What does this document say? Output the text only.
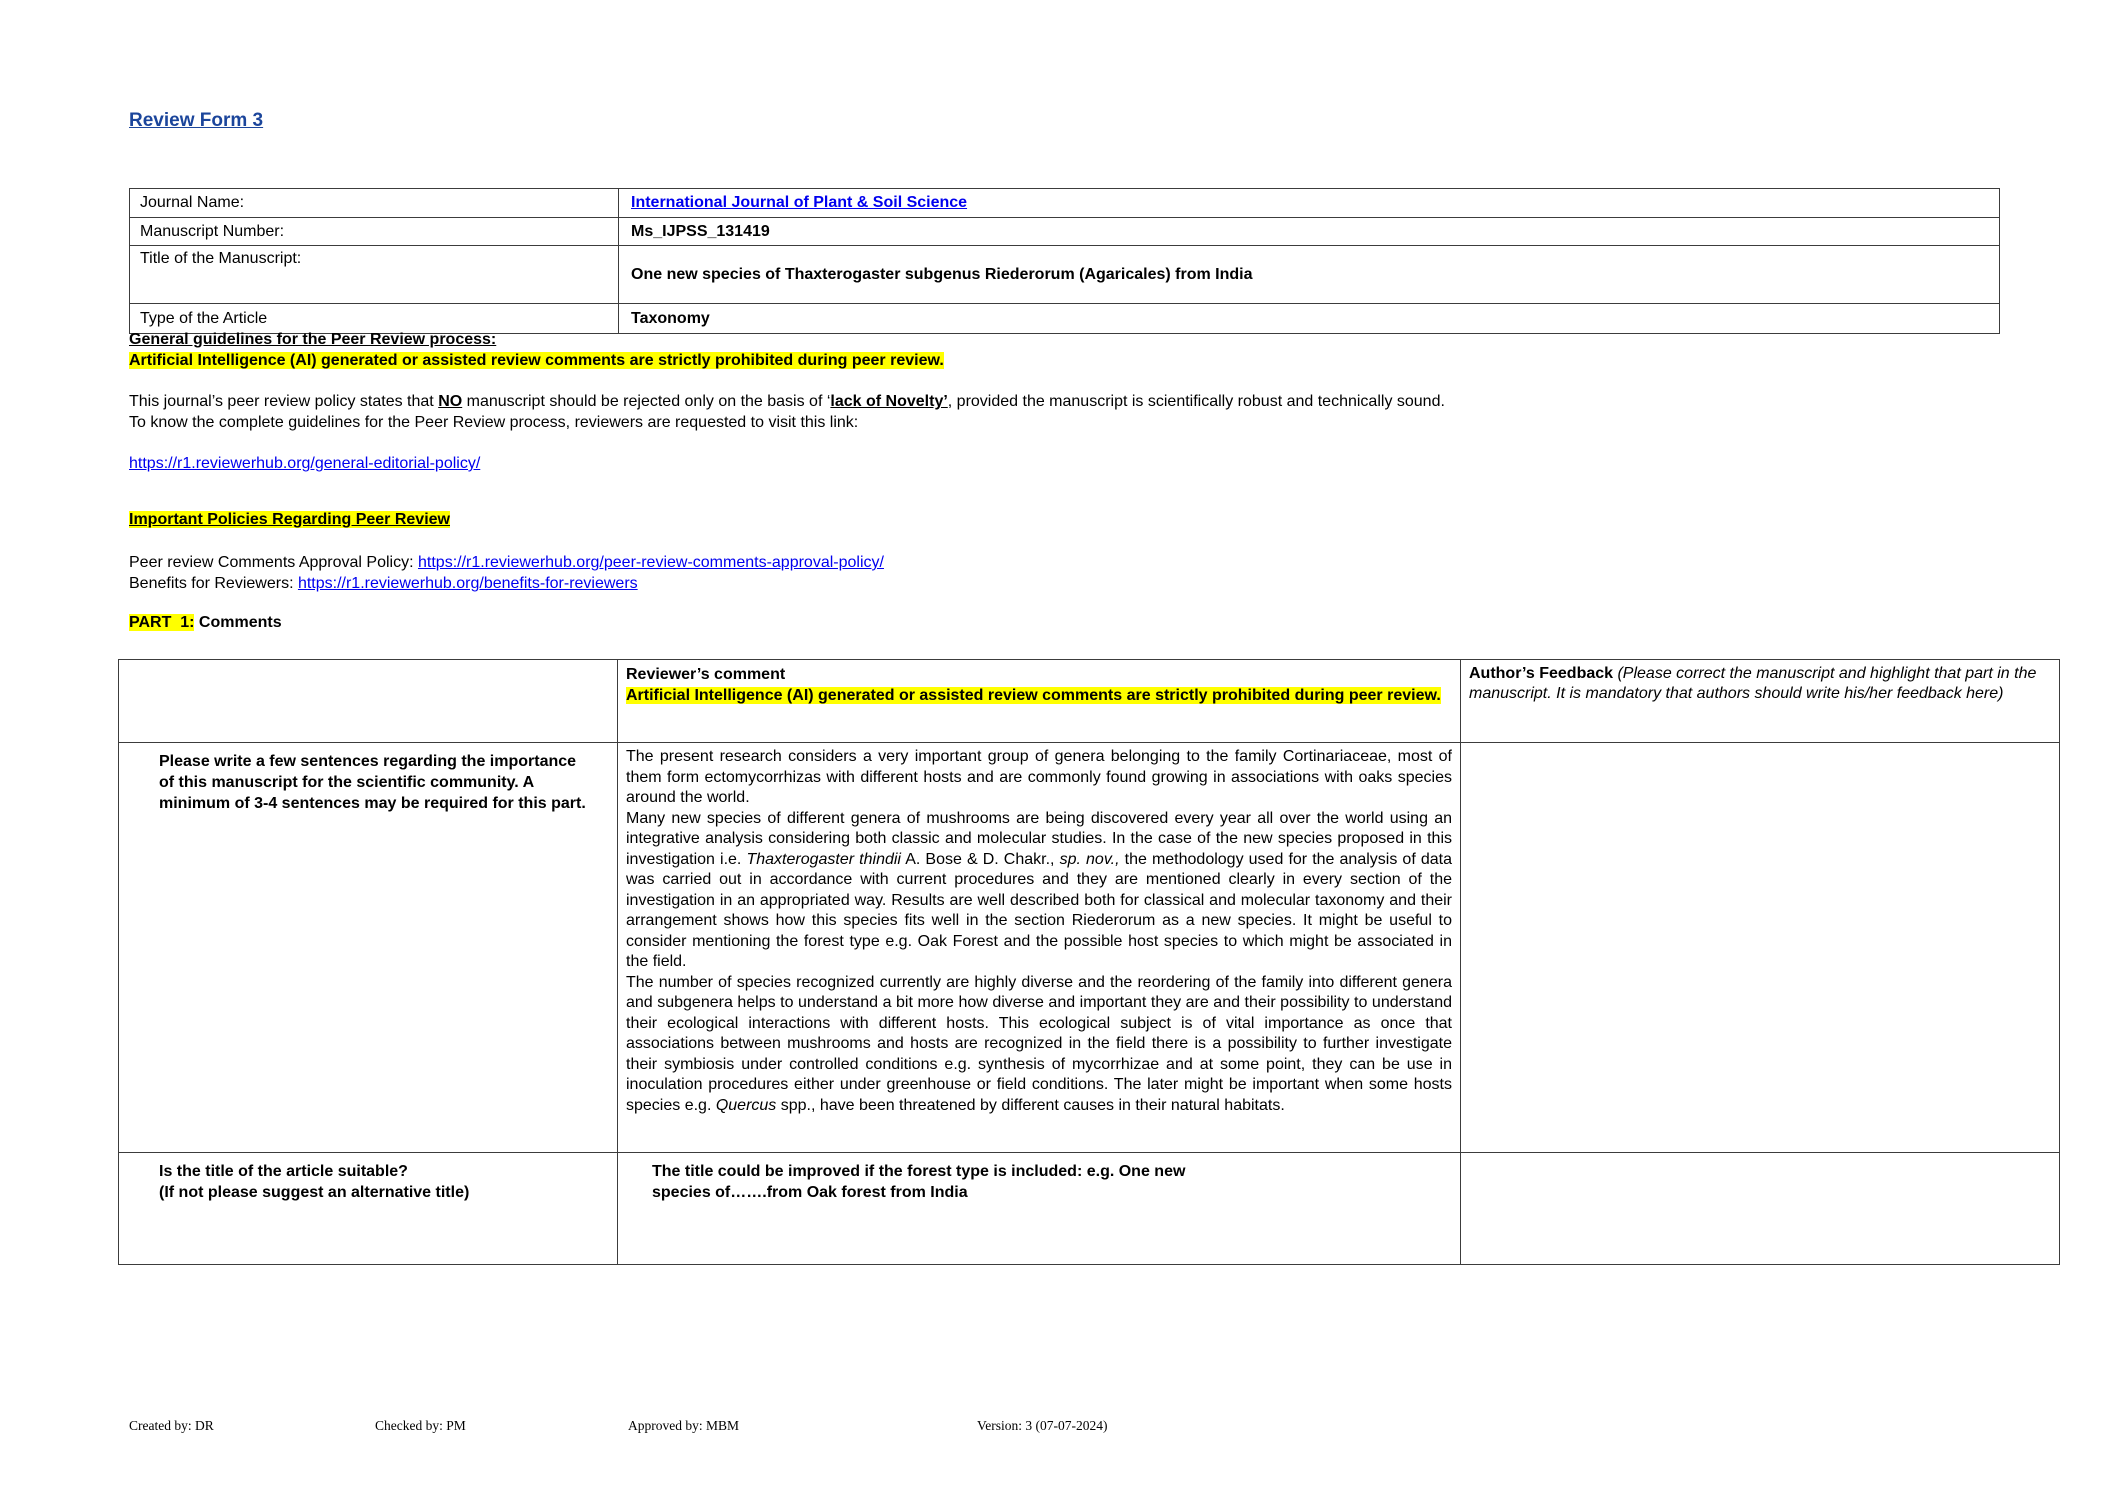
Review Form 3
Journal Name:	International Journal of Plant & Soil Science
Manuscript Number:	Ms_IJPSS_131419
Title of the Manuscript:	One new species of Thaxterogaster subgenus Riederorum (Agaricales) from India
Type of the Article	Taxonomy
General guidelines for the Peer Review process:
Artificial Intelligence (AI) generated or assisted review comments are strictly prohibited during peer review.
This journal’s peer review policy states that NO manuscript should be rejected only on the basis of ‘lack of Novelty’, provided the manuscript is scientifically robust and technically sound.
To know the complete guidelines for the Peer Review process, reviewers are requested to visit this link:
https://r1.reviewerhub.org/general-editorial-policy/
Important Policies Regarding Peer Review
Peer review Comments Approval Policy: https://r1.reviewerhub.org/peer-review-comments-approval-policy/
Benefits for Reviewers: https://r1.reviewerhub.org/benefits-for-reviewers
PART  1: Comments

	Reviewer’s comment
Artificial Intelligence (AI) generated or assisted review comments are strictly prohibited during peer review.	Author’s Feedback (Please correct the manuscript and highlight that part in the manuscript. It is mandatory that authors should write his/her feedback here)

Please write a few sentences regarding the importance of this manuscript for the scientific community. A minimum of 3-4 sentences may be required for this part.	The present research considers a very important group of genera belonging to the family Cortinariaceae, most of them form ectomycorrhizas with different hosts and are commonly found growing in associations with oaks species around the world.

Many new species of different genera of mushrooms are being discovered every year all over the world using an integrative analysis considering both classic and molecular studies. In the case of the new species proposed in this investigation i.e. Thaxterogaster thindii A. Bose & D. Chakr., sp. nov., the methodology used for the analysis of data was carried out in accordance with current procedures and they are mentioned clearly in every section of the investigation in an appropriated way. Results are well described both for classical and molecular taxonomy and their arrangement shows how this species fits well in the section Riederorum as a new species. It might be useful to consider mentioning the forest type e.g. Oak Forest and the possible host species to which might be associated in the field.

The number of species recognized currently are highly diverse and the reordering of the family into different genera and subgenera helps to understand a bit more how diverse and important they are and their possibility to understand their ecological interactions with different hosts. This ecological subject is of vital importance as once that associations between mushrooms and hosts are recognized in the field there is a possibility to further investigate their symbiosis under controlled conditions e.g. synthesis of mycorrhizae and at some point, they can be use in inoculation procedures either under greenhouse or field conditions. The later might be important when some hosts species e.g. Quercus spp., have been threatened by different causes in their natural habitats.	

Is the title of the article suitable?
(If not please suggest an alternative title)	The title could be improved if the forest type is included: e.g. One new species of…….from Oak forest from India	

Created by: DR	Checked by: PM	Approved by: MBM	Version: 3 (07-07-2024)
